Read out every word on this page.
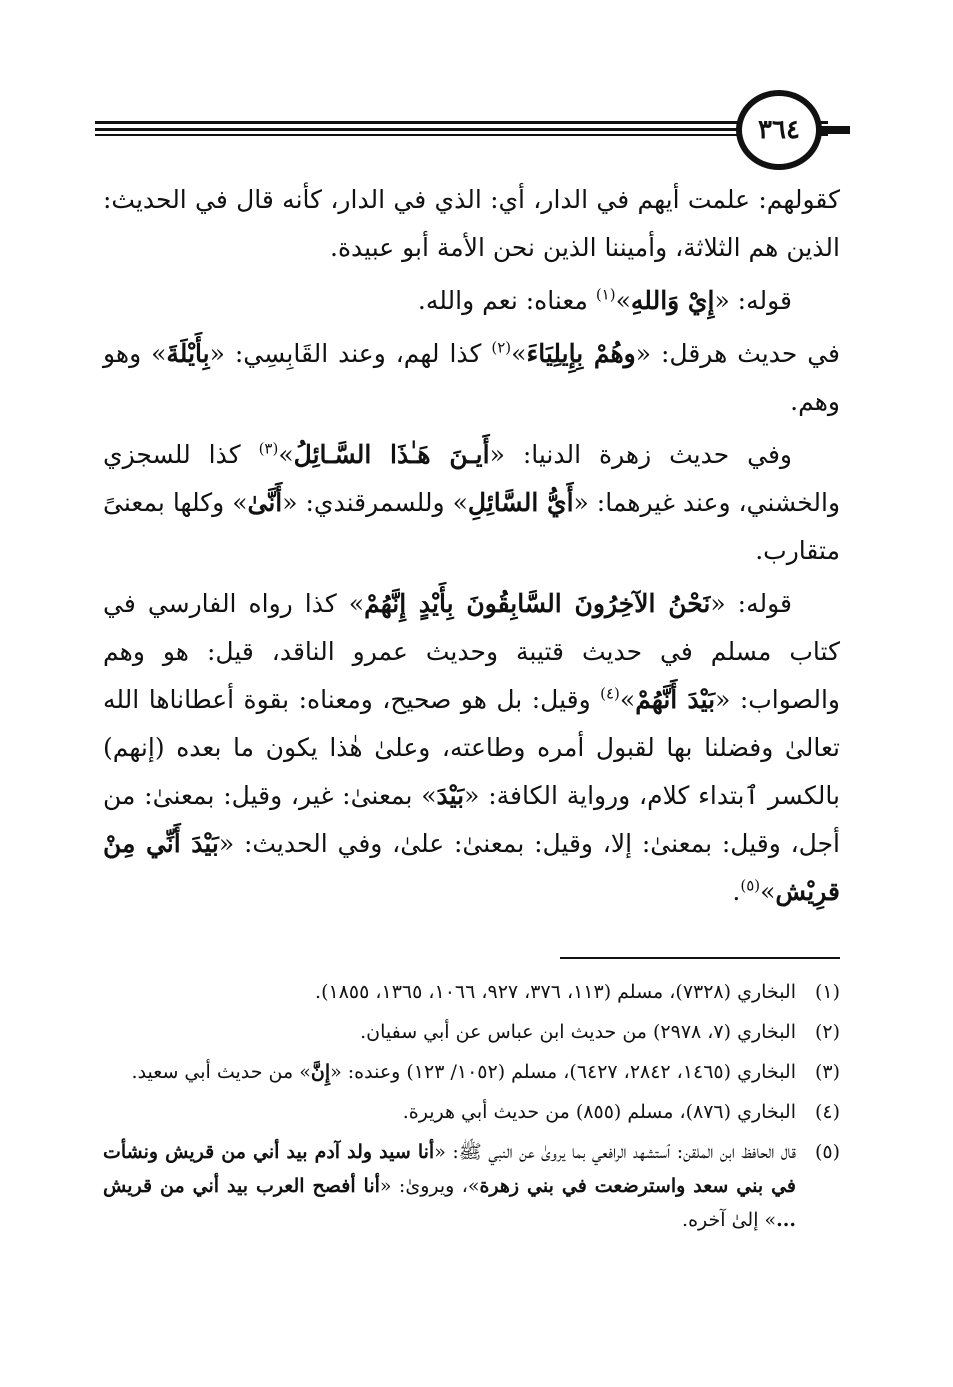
٣٦٤

كقولهم: علمت أيهم في الدار، أي: الذي في الدار، كأنه قال في الحديث: الذين هم الثلاثة، وأميننا الذين نحن الأمة أبو عبيدة.

قوله: «إِيْ وَاللهِ»$^{(١)}$ معناه: نعم والله.

في حديث هرقل: «وهُمْ بِإِيلِيَاءَ»$^{(٢)}$ كذا لهم، وعند القَابِسِي: «بِأَيْلَةَ» وهو وهم.

وفي حديث زهرة الدنيا: «أَيـنَ هَـٰذَا السَّـائِلُ»$^{(٣)}$ كذا للسجزي والخشني، وعند غيرهما: «أَيُّ السَّائِلِ» وللسمرقندي: «أَنَّىٰ» وكلها بمعنىً متقارب.

قوله: «نَحْنُ الآخِرُونَ السَّابِقُونَ بِأَيْدٍ إِنَّهُمْ» كذا رواه الفارسي في كتاب مسلم في حديث قتيبة وحديث عمرو الناقد، قيل: هو وهم والصواب: «بَيْدَ أَنَّهُمْ»$^{(٤)}$ وقيل: بل هو صحيح، ومعناه: بقوة أعطاناها الله تعالىٰ وفضلنا بها لقبول أمره وطاعته، وعلىٰ هٰذا يكون ما بعده (إنهم) بالكسر ٱبتداء كلام، ورواية الكافة: «بَيْدَ» بمعنىٰ: غير، وقيل: بمعنىٰ: من أجل، وقيل: بمعنىٰ: إلا، وقيل: بمعنىٰ: علىٰ، وفي الحديث: «بَيْدَ أَنِّي مِنْ قرِيْش»$^{(٥)}$.

(١)
البخاري (٧٣٢٨)، مسلم (١١٣، ٣٧٦، ٩٢٧، ١٠٦٦، ١٣٦٥، ١٨٥٥).
(٢)
البخاري (٧، ٢٩٧٨) من حديث ابن عباس عن أبي سفيان.
(٣)
البخاري (١٤٦٥، ٢٨٤٢، ٦٤٢٧)، مسلم (١٠٥٢/ ١٢٣) وعنده: «إِنَّ» من حديث أبي سعيد.
(٤)
البخاري (٨٧٦)، مسلم (٨٥٥) من حديث أبي هريرة.
(٥)
قال الحافظ ابن الملقن: ٱستشهد الرافعي بما يروىٰ عن النبي ﷺ: «أنا سيد ولد آدم بيد أني من قريش ونشأت في بني سعد واسترضعت في بني زهرة»، ويروىٰ: «أنا أفصح العرب بيد أني من قريش ...» إلىٰ آخره.
